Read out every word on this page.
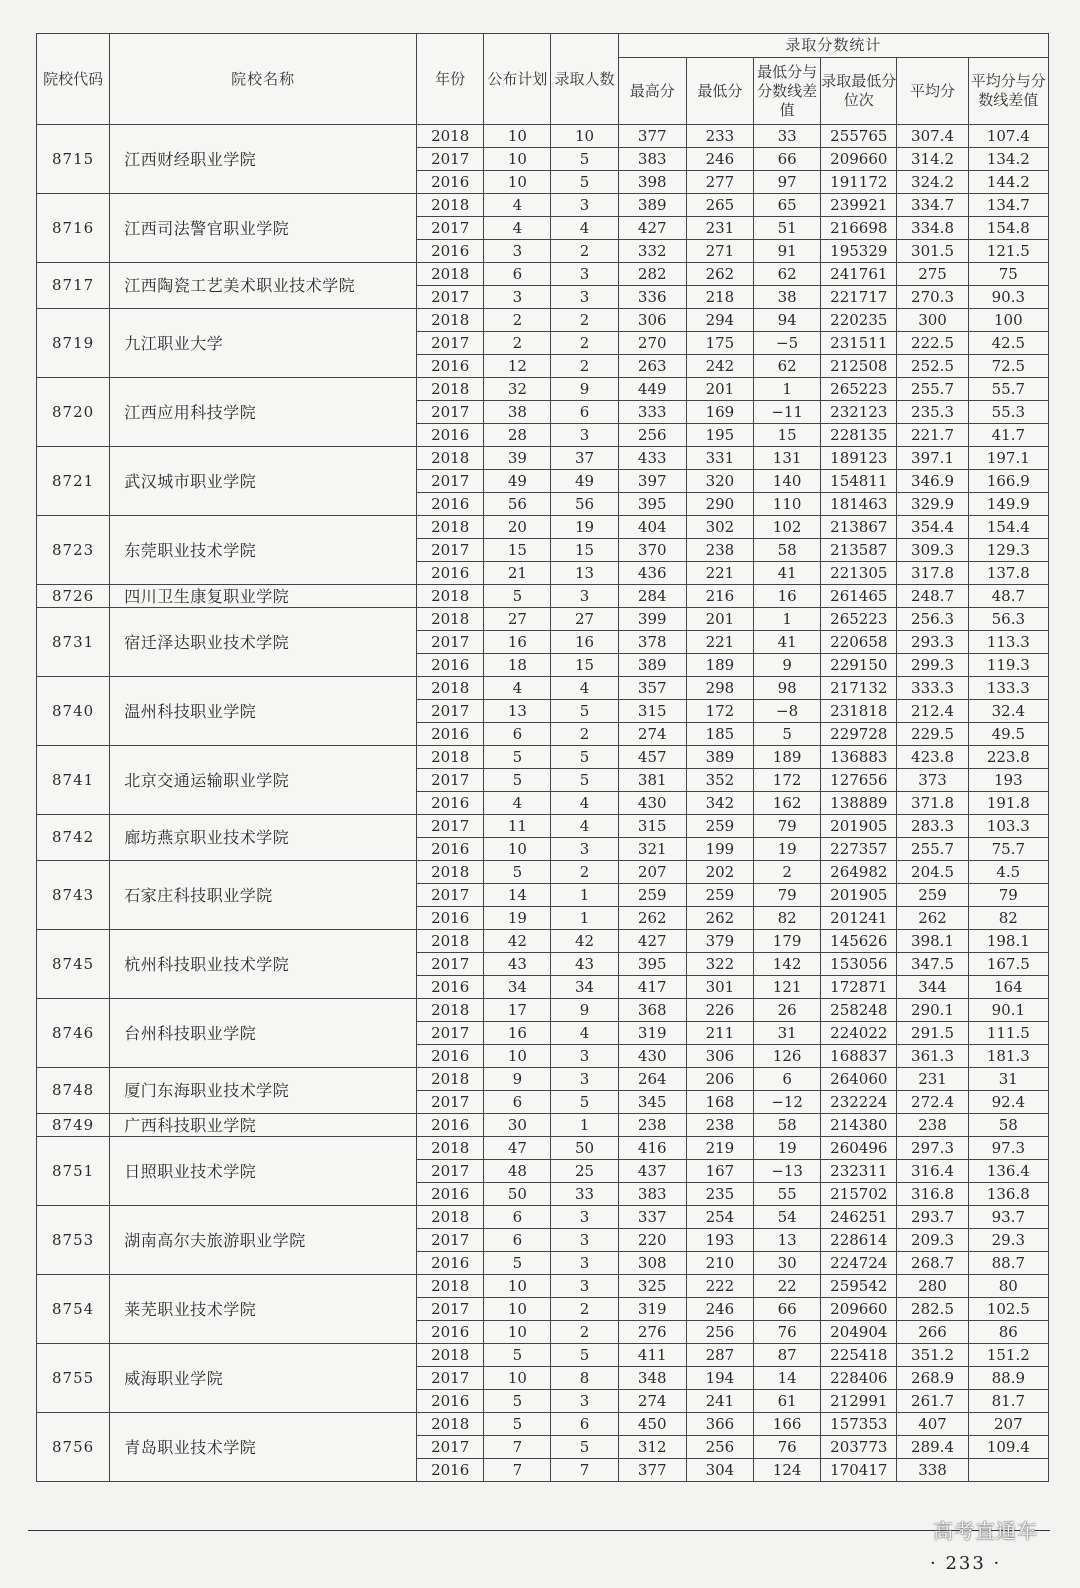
院校代码	院校名称	年份	公布计划	录取人数	录取分数统计					
					最高分	最低分	最低分与分数线差值	录取最低分位次	平均分	平均分与分数线差值
8715	江西财经职业学院	2018	10	10	377	233	33	255765	307.4	107.4
		2017	10	5	383	246	66	209660	314.2	134.2
		2016	10	5	398	277	97	191172	324.2	144.2
8716	江西司法警官职业学院	2018	4	3	389	265	65	239921	334.7	134.7
		2017	4	4	427	231	51	216698	334.8	154.8
		2016	3	2	332	271	91	195329	301.5	121.5
8717	江西陶瓷工艺美术职业技术学院	2018	6	3	282	262	62	241761	275	75
		2017	3	3	336	218	38	221717	270.3	90.3
8719	九江职业大学	2018	2	2	306	294	94	220235	300	100
		2017	2	2	270	175	−5	231511	222.5	42.5
		2016	12	2	263	242	62	212508	252.5	72.5
8720	江西应用科技学院	2018	32	9	449	201	1	265223	255.7	55.7
		2017	38	6	333	169	−11	232123	235.3	55.3
		2016	28	3	256	195	15	228135	221.7	41.7
8721	武汉城市职业学院	2018	39	37	433	331	131	189123	397.1	197.1
		2017	49	49	397	320	140	154811	346.9	166.9
		2016	56	56	395	290	110	181463	329.9	149.9
8723	东莞职业技术学院	2018	20	19	404	302	102	213867	354.4	154.4
		2017	15	15	370	238	58	213587	309.3	129.3
		2016	21	13	436	221	41	221305	317.8	137.8
8726	四川卫生康复职业学院	2018	5	3	284	216	16	261465	248.7	48.7
8731	宿迁泽达职业技术学院	2018	27	27	399	201	1	265223	256.3	56.3
		2017	16	16	378	221	41	220658	293.3	113.3
		2016	18	15	389	189	9	229150	299.3	119.3
8740	温州科技职业学院	2018	4	4	357	298	98	217132	333.3	133.3
		2017	13	5	315	172	−8	231818	212.4	32.4
		2016	6	2	274	185	5	229728	229.5	49.5
8741	北京交通运输职业学院	2018	5	5	457	389	189	136883	423.8	223.8
		2017	5	5	381	352	172	127656	373	193
		2016	4	4	430	342	162	138889	371.8	191.8
8742	廊坊燕京职业技术学院	2017	11	4	315	259	79	201905	283.3	103.3
		2016	10	3	321	199	19	227357	255.7	75.7
8743	石家庄科技职业学院	2018	5	2	207	202	2	264982	204.5	4.5
		2017	14	1	259	259	79	201905	259	79
		2016	19	1	262	262	82	201241	262	82
8745	杭州科技职业技术学院	2018	42	42	427	379	179	145626	398.1	198.1
		2017	43	43	395	322	142	153056	347.5	167.5
		2016	34	34	417	301	121	172871	344	164
8746	台州科技职业学院	2018	17	9	368	226	26	258248	290.1	90.1
		2017	16	4	319	211	31	224022	291.5	111.5
		2016	10	3	430	306	126	168837	361.3	181.3
8748	厦门东海职业技术学院	2018	9	3	264	206	6	264060	231	31
		2017	6	5	345	168	−12	232224	272.4	92.4
8749	广西科技职业学院	2016	30	1	238	238	58	214380	238	58
8751	日照职业技术学院	2018	47	50	416	219	19	260496	297.3	97.3
		2017	48	25	437	167	−13	232311	316.4	136.4
		2016	50	33	383	235	55	215702	316.8	136.8
8753	湖南高尔夫旅游职业学院	2018	6	3	337	254	54	246251	293.7	93.7
		2017	6	3	220	193	13	228614	209.3	29.3
		2016	5	3	308	210	30	224724	268.7	88.7
8754	莱芜职业技术学院	2018	10	3	325	222	22	259542	280	80
		2017	10	2	319	246	66	209660	282.5	102.5
		2016	10	2	276	256	76	204904	266	86
8755	威海职业学院	2018	5	5	411	287	87	225418	351.2	151.2
		2017	10	8	348	194	14	228406	268.9	88.9
		2016	5	3	274	241	61	212991	261.7	81.7
8756	青岛职业技术学院	2018	5	6	450	366	166	157353	407	207
		2017	7	5	312	256	76	203773	289.4	109.4
		2016	7	7	377	304	124	170417	338	
高考直通车
· 233 ·
